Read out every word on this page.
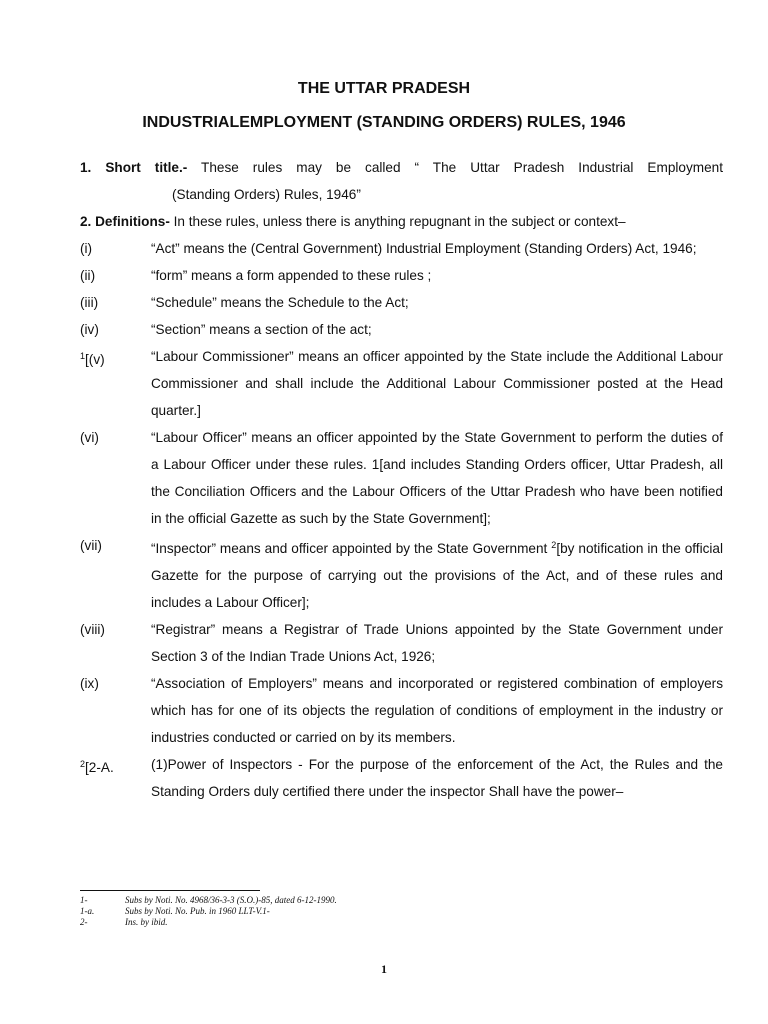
THE UTTAR PRADESH
INDUSTRIALEMPLOYMENT (STANDING ORDERS) RULES, 1946
1. Short title.- These rules may be called “ The Uttar Pradesh Industrial Employment
(Standing Orders) Rules, 1946”
2. Definitions- In these rules, unless there is anything repugnant in the subject or context–
(i)	“Act” means the (Central Government) Industrial Employment (Standing Orders) Act, 1946;
(ii)	“form” means a form appended to these rules ;
(iii)	“Schedule” means the Schedule to the Act;
(iv)	“Section” means a section of the act;
$^1$[(v)	“Labour Commissioner” means an officer appointed by the State include the Additional Labour Commissioner and shall include the Additional Labour Commissioner posted at the Head quarter.]
(vi)	“Labour Officer” means an officer appointed by the State Government to perform the duties of a Labour Officer under these rules. 1[and includes Standing Orders officer, Uttar Pradesh, all the Conciliation Officers and the Labour Officers of the Uttar Pradesh who have been notified in the official Gazette as such by the State Government];
(vii)	“Inspector” means and officer appointed by the State Government $^2$[by notification in the official Gazette for the purpose of carrying out the provisions of the Act, and of these rules and includes a Labour Officer];
(viii)	“Registrar” means a Registrar of Trade Unions appointed by the State Government under Section 3 of the Indian Trade Unions Act, 1926;
(ix)	“Association of Employers” means and incorporated or registered combination of employers which has for one of its objects the regulation of conditions of employment in the industry or industries conducted or carried on by its members.
$^2$[2-A.	(1)Power of Inspectors - For the purpose of the enforcement of the Act, the Rules and the Standing Orders duly certified there under the inspector Shall have the power–
1-	Subs by Noti. No. 4968/36-3-3 (S.O.)-85, dated 6-12-1990.
1-a.	Subs by Noti. No. Pub. in 1960 LLT-V.1-
2-	Ins. by ibid.
1
